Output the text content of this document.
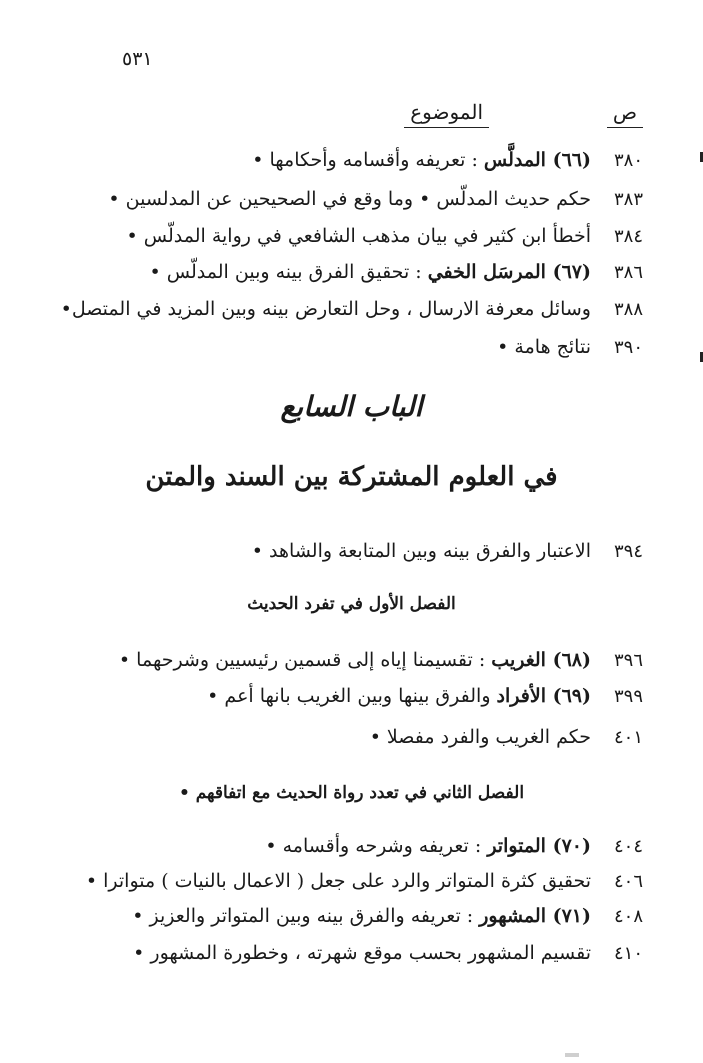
٥٣١
ص
الموضوع
٣٨٠
(٦٦) المدلَّس : تعريفه وأقسامه وأحكامها •
٣٨٣
حكم حديث المدلّس • وما وقع في الصحيحين عن المدلسين •
٣٨٤
أخطأ ابن كثير في بيان مذهب الشافعي في رواية المدلّس •
٣٨٦
(٦٧) المرسَل الخفي : تحقيق الفرق بينه وبين المدلّس •
٣٨٨
وسائل معرفة الارسال ، وحل التعارض بينه وبين المزيد في المتصل•
٣٩٠
نتائج هامة •
الباب السابع
في العلوم المشتركة بين السند والمتن
٣٩٤
الاعتبار والفرق بينه وبين المتابعة والشاهد •
الفصل الأول في تفرد الحديث
٣٩٦
(٦٨) الغريب : تقسيمنا إياه إلى قسمين رئيسيين وشرحهما •
٣٩٩
(٦٩) الأفراد والفرق بينها وبين الغريب بانها أعم •
٤٠١
حكم الغريب والفرد مفصلا •
الفصل الثاني في تعدد رواة الحديث مع اتفاقهم •
٤٠٤
(٧٠) المتواتر : تعريفه وشرحه وأقسامه •
٤٠٦
تحقيق كثرة المتواتر والرد على جعل ( الاعمال بالنيات ) متواترا •
٤٠٨
(٧١) المشهور : تعريفه والفرق بينه وبين المتواتر والعزيز •
٤١٠
تقسيم المشهور بحسب موقع شهرته ، وخطورة المشهور •
